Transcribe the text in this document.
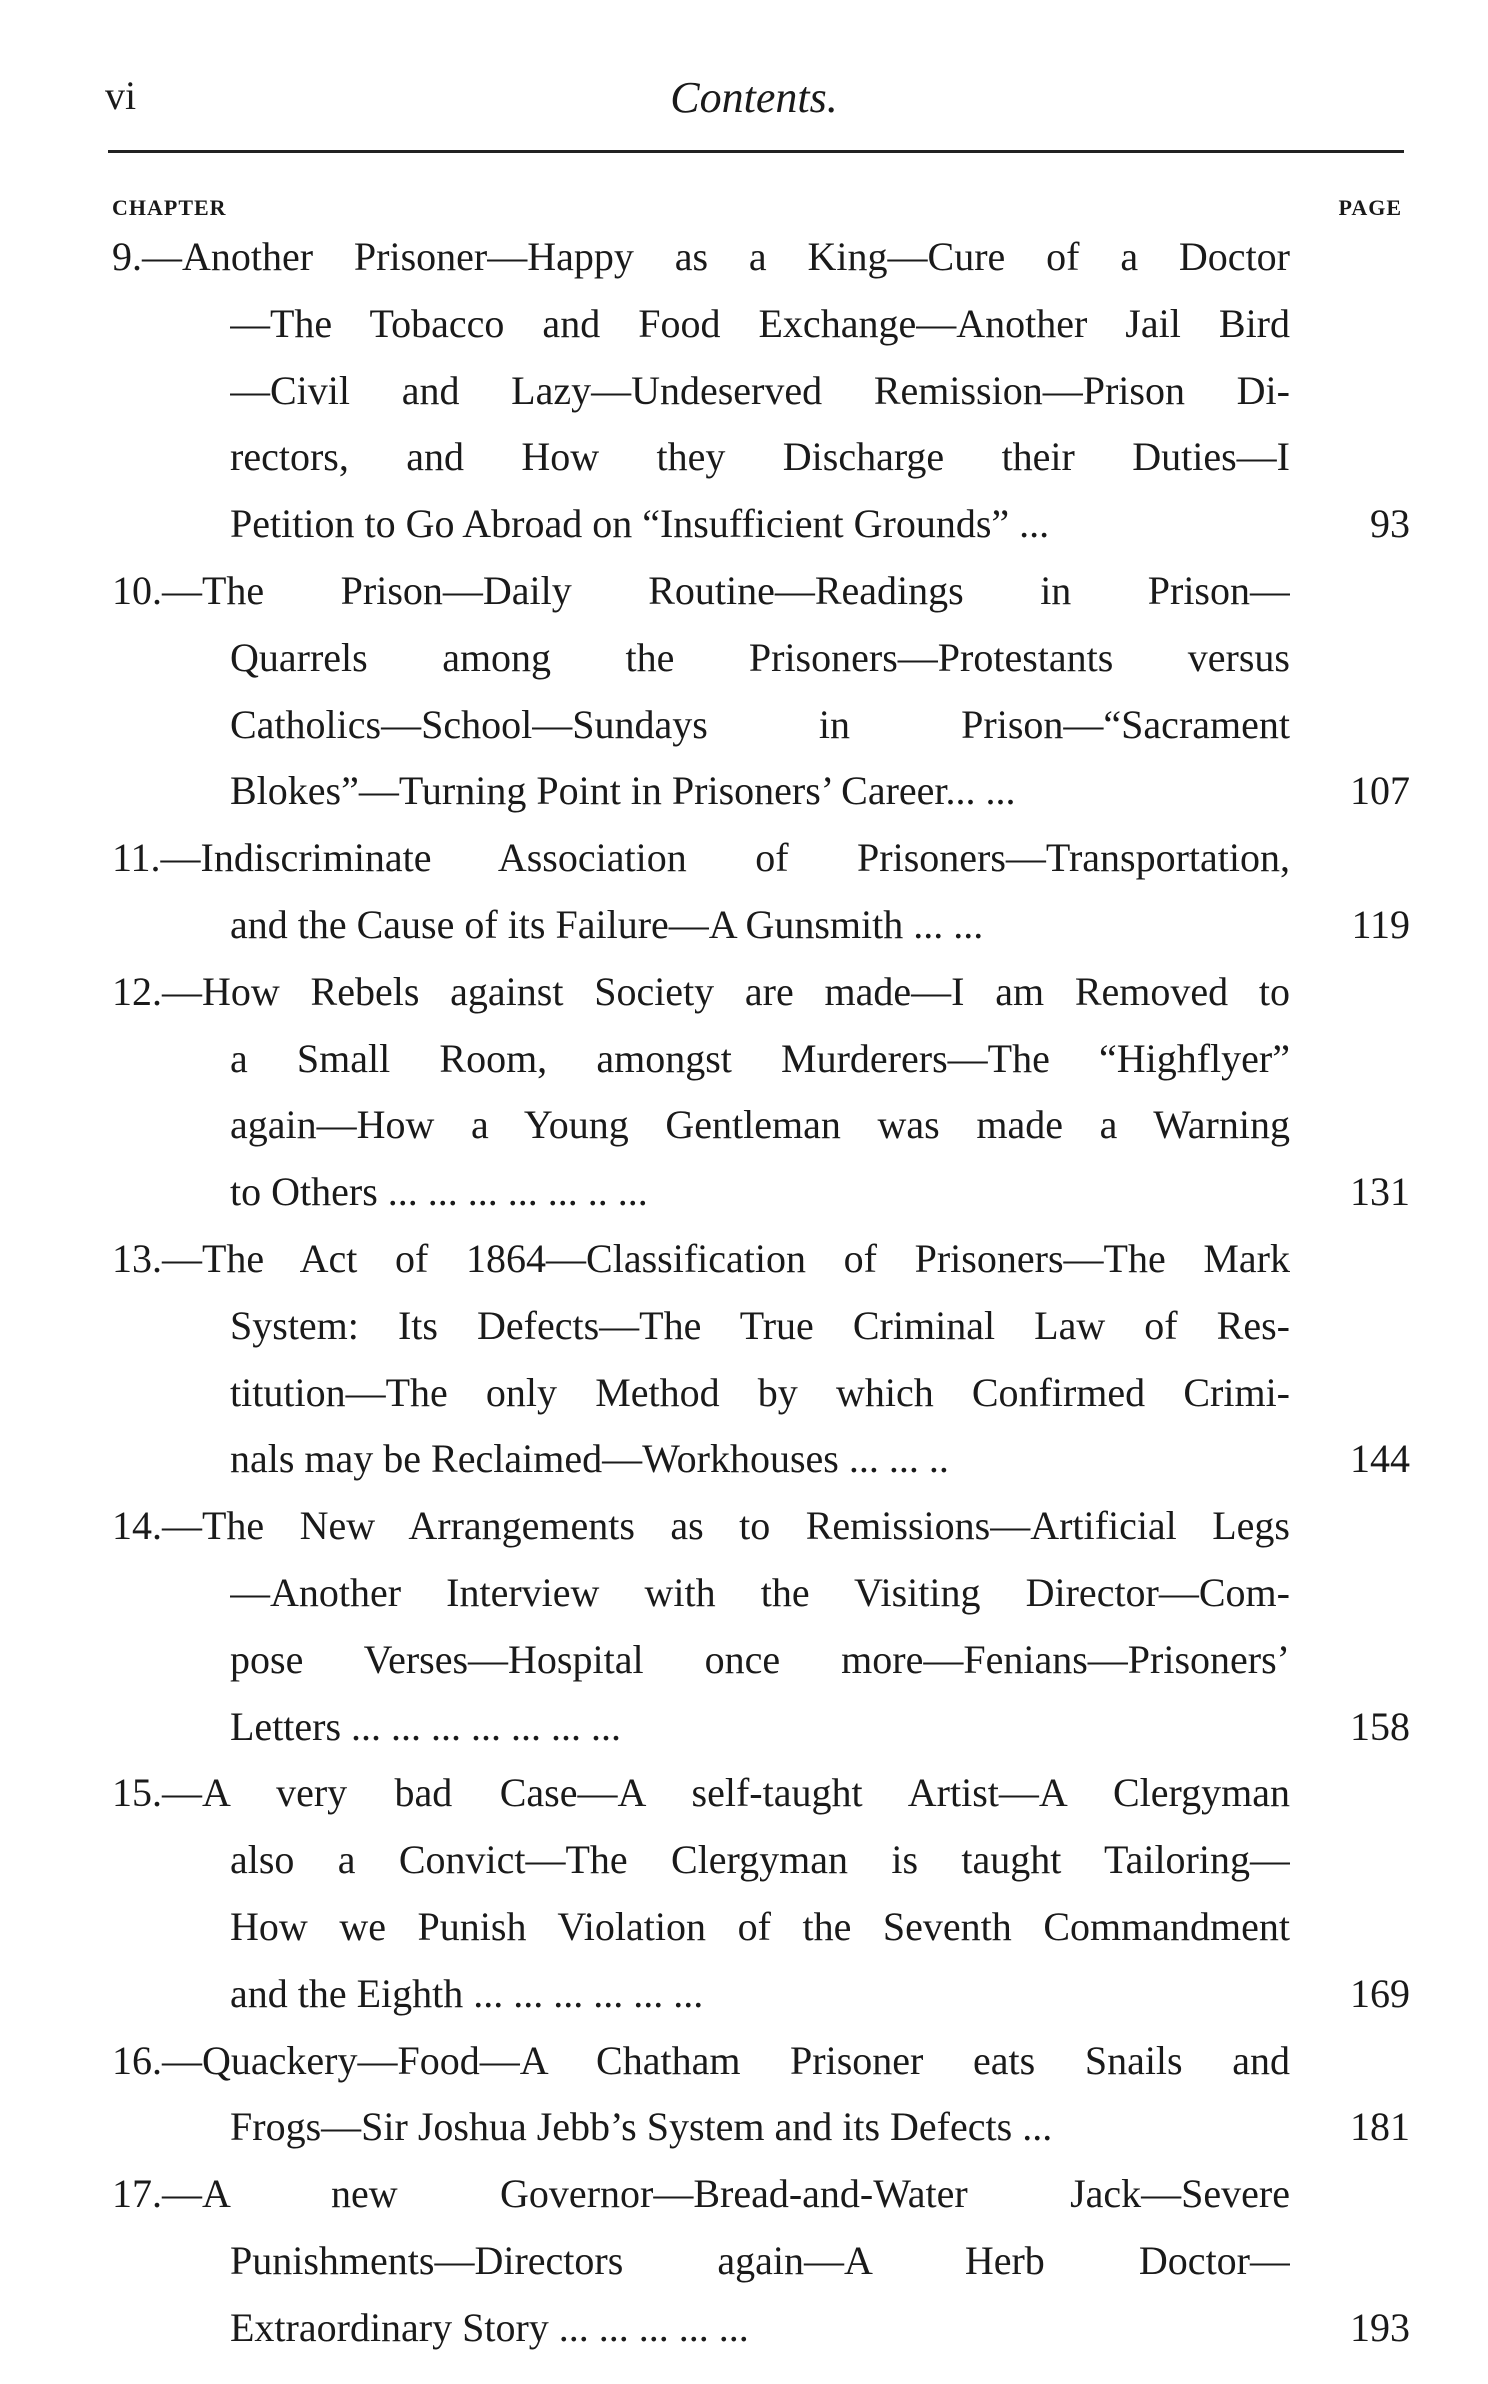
vi	Contents.
CHAPTER	PAGE
9.—Another Prisoner—Happy as a King—Cure of a Doctor
—The Tobacco and Food Exchange—Another Jail Bird
—Civil and Lazy—Undeserved Remission—Prison Di-
rectors, and How they Discharge their Duties—I
Petition to Go Abroad on “Insufficient Grounds” ...	93
10.—The Prison—Daily Routine—Readings in Prison—
Quarrels among the Prisoners—Protestants versus
Catholics—School—Sundays in Prison—“Sacrament
Blokes”—Turning Point in Prisoners’ Career... ...	107
11.—Indiscriminate Association of Prisoners—Transportation,
and the Cause of its Failure—A Gunsmith ... ...	119
12.—How Rebels against Society are made—I am Removed to
a Small Room, amongst Murderers—The “Highflyer”
again—How a Young Gentleman was made a Warning
to Others ... ... ... ... ... .. ...	131
13.—The Act of 1864—Classification of Prisoners—The Mark
System: Its Defects—The True Criminal Law of Res-
titution—The only Method by which Confirmed Crimi-
nals may be Reclaimed—Workhouses ... ... ..	144
14.—The New Arrangements as to Remissions—Artificial Legs
—Another Interview with the Visiting Director—Com-
pose Verses—Hospital once more—Fenians—Prisoners’
Letters ... ... ... ... ... ... ...	158
15.—A very bad Case—A self-taught Artist—A Clergyman
also a Convict—The Clergyman is taught Tailoring—
How we Punish Violation of the Seventh Commandment
and the Eighth ... ... ... ... ... ...	169
16.—Quackery—Food—A Chatham Prisoner eats Snails and
Frogs—Sir Joshua Jebb’s System and its Defects ...	181
17.—A new Governor—Bread-and-Water Jack—Severe
Punishments—Directors again—A Herb Doctor—
Extraordinary Story ... ... ... ... ...	193
